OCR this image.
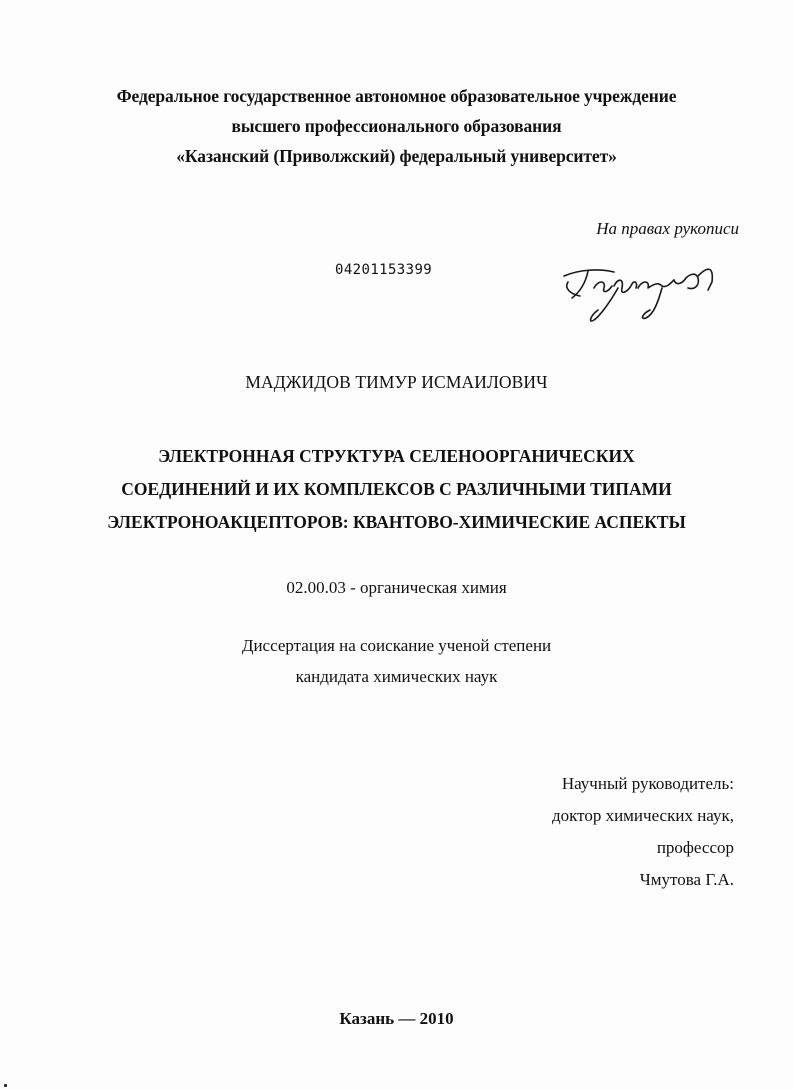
Федеральное государственное автономное образовательное учреждение
высшего профессионального образования
«Казанский (Приволжский) федеральный университет»
На правах рукописи
04201153399
МАДЖИДОВ ТИМУР ИСМАИЛОВИЧ
ЭЛЕКТРОННАЯ СТРУКТУРА СЕЛЕНООРГАНИЧЕСКИХ
СОЕДИНЕНИЙ И ИХ КОМПЛЕКСОВ С РАЗЛИЧНЫМИ ТИПАМИ
ЭЛЕКТРОНОАКЦЕПТОРОВ: КВАНТОВО-ХИМИЧЕСКИЕ АСПЕКТЫ
02.00.03 - органическая химия
Диссертация на соискание ученой степени
кандидата химических наук
Научный руководитель:
доктор химических наук,
профессор
Чмутова Г.А.
Казань — 2010
